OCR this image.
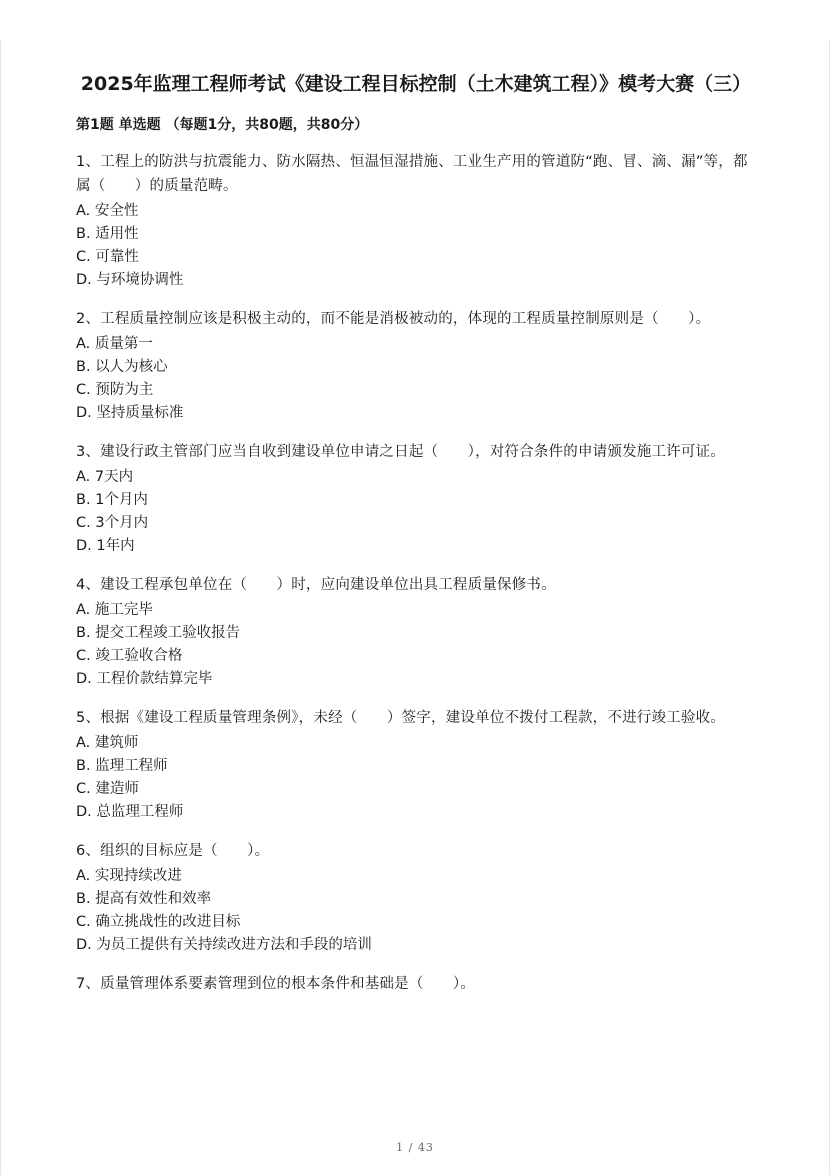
2025年监理工程师考试《建设工程目标控制（土木建筑工程）》模考大赛（三）
第1题 单选题 （每题1分，共80题，共80分）

1、工程上的防洪与抗震能力、防水隔热、恒温恒湿措施、工业生产用的管道防“跑、冒、滴、漏”等，都属（　　）的质量范畴。

A. 安全性

B. 适用性

C. 可靠性

D. 与环境协调性

2、工程质量控制应该是积极主动的，而不能是消极被动的，体现的工程质量控制原则是（　　）。

A. 质量第一

B. 以人为核心

C. 预防为主

D. 坚持质量标准

3、建设行政主管部门应当自收到建设单位申请之日起（　　），对符合条件的申请颁发施工许可证。

A. 7天内

B. 1个月内

C. 3个月内

D. 1年内

4、建设工程承包单位在（　　）时，应向建设单位出具工程质量保修书。

A. 施工完毕

B. 提交工程竣工验收报告

C. 竣工验收合格

D. 工程价款结算完毕

5、根据《建设工程质量管理条例》，未经（　　）签字，建设单位不拨付工程款，不进行竣工验收。

A. 建筑师

B. 监理工程师

C. 建造师

D. 总监理工程师

6、组织的目标应是（　　）。

A. 实现持续改进

B. 提高有效性和效率

C. 确立挑战性的改进目标

D. 为员工提供有关持续改进方法和手段的培训

7、质量管理体系要素管理到位的根本条件和基础是（　　）。

1 / 43
